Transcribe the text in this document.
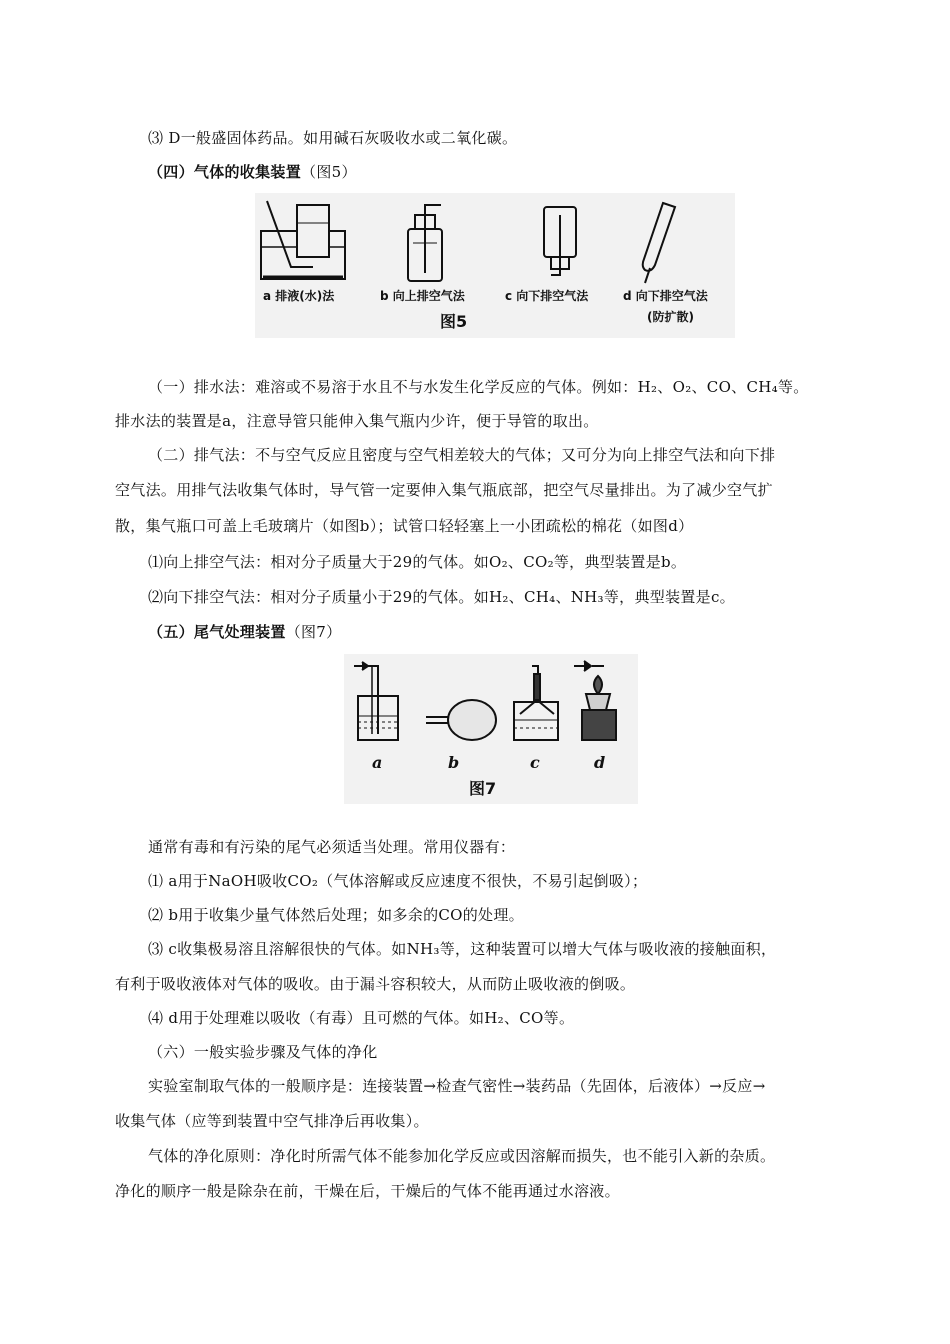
⑶ D一般盛固体药品。如用碱石灰吸收水或二氧化碳。
（四）气体的收集装置（图5）
a 排液(水)法	b 向上排空气法	c 向下排空气法	d 向下排空气法
(防扩散)
图5
（一）排水法：难溶或不易溶于水且不与水发生化学反应的气体。例如：H₂、O₂、CO、CH₄等。
排水法的装置是a，注意导管只能伸入集气瓶内少许，便于导管的取出。
（二）排气法：不与空气反应且密度与空气相差较大的气体；又可分为向上排空气法和向下排
空气法。用排气法收集气体时，导气管一定要伸入集气瓶底部，把空气尽量排出。为了减少空气扩
散，集气瓶口可盖上毛玻璃片（如图b）；试管口轻轻塞上一小团疏松的棉花（如图d）
⑴向上排空气法：相对分子质量大于29的气体。如O₂、CO₂等，典型装置是b。
⑵向下排空气法：相对分子质量小于29的气体。如H₂、CH₄、NH₃等，典型装置是c。
（五）尾气处理装置（图7）
a	b	c	d
图7
通常有毒和有污染的尾气必须适当处理。常用仪器有：
⑴ a用于NaOH吸收CO₂（气体溶解或反应速度不很快，不易引起倒吸）；
⑵ b用于收集少量气体然后处理；如多余的CO的处理。
⑶ c收集极易溶且溶解很快的气体。如NH₃等，这种装置可以增大气体与吸收液的接触面积，
有利于吸收液体对气体的吸收。由于漏斗容积较大，从而防止吸收液的倒吸。
⑷ d用于处理难以吸收（有毒）且可燃的气体。如H₂、CO等。
（六）一般实验步骤及气体的净化
实验室制取气体的一般顺序是：连接装置→检查气密性→装药品（先固体，后液体）→反应→
收集气体（应等到装置中空气排净后再收集）。
气体的净化原则：净化时所需气体不能参加化学反应或因溶解而损失，也不能引入新的杂质。
净化的顺序一般是除杂在前，干燥在后，干燥后的气体不能再通过水溶液。
